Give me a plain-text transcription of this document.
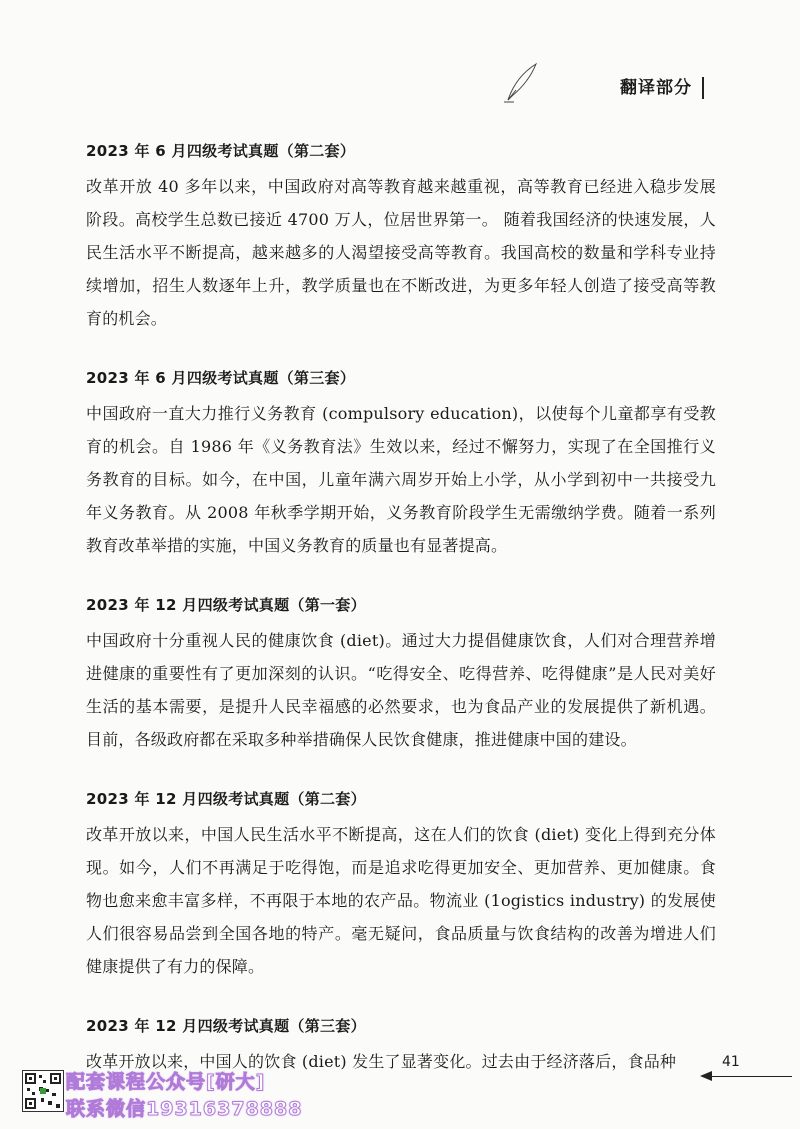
翻译部分
2023 年 6 月四级考试真题（第二套）

改革开放 40 多年以来，中国政府对高等教育越来越重视，高等教育已经进入稳步发展阶段。高校学生总数已接近 4700 万人，位居世界第一。 随着我国经济的快速发展，人民生活水平不断提高，越来越多的人渴望接受高等教育。我国高校的数量和学科专业持续增加，招生人数逐年上升，教学质量也在不断改进，为更多年轻人创造了接受高等教育的机会。

2023 年 6 月四级考试真题（第三套）

中国政府一直大力推行义务教育 (compulsory education)，以使每个儿童都享有受教育的机会。自 1986 年《义务教育法》生效以来，经过不懈努力，实现了在全国推行义务教育的目标。如今，在中国，儿童年满六周岁开始上小学，从小学到初中一共接受九年义务教育。从 2008 年秋季学期开始，义务教育阶段学生无需缴纳学费。随着一系列教育改革举措的实施，中国义务教育的质量也有显著提高。

2023 年 12 月四级考试真题（第一套）

中国政府十分重视人民的健康饮食 (diet)。通过大力提倡健康饮食，人们对合理营养增进健康的重要性有了更加深刻的认识。“吃得安全、吃得营养、吃得健康”是人民对美好生活的基本需要，是提升人民幸福感的必然要求，也为食品产业的发展提供了新机遇。目前，各级政府都在采取多种举措确保人民饮食健康，推进健康中国的建设。

2023 年 12 月四级考试真题（第二套）

改革开放以来，中国人民生活水平不断提高，这在人们的饮食 (diet) 变化上得到充分体现。如今，人们不再满足于吃得饱，而是追求吃得更加安全、更加营养、更加健康。食物也愈来愈丰富多样，不再限于本地的农产品。物流业 (1ogistics industry) 的发展使人们很容易品尝到全国各地的特产。毫无疑问，食品质量与饮食结构的改善为增进人们健康提供了有力的保障。

2023 年 12 月四级考试真题（第三套）

改革开放以来，中国人的饮食 (diet) 发生了显著变化。过去由于经济落后，食品种	41
配套课程公众号[研大]
联系微信19316378888
